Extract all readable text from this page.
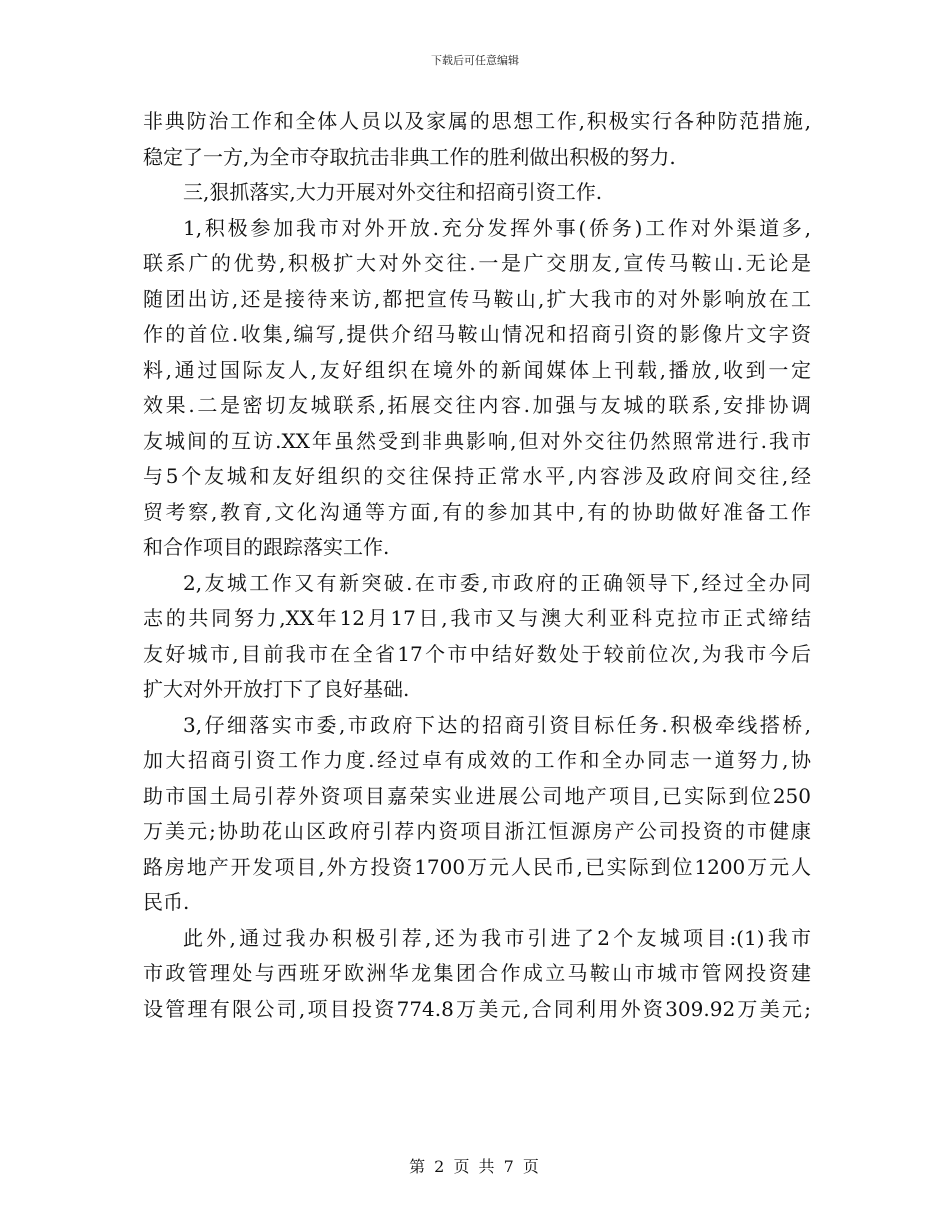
下载后可任意编辑
非典防治工作和全体人员以及家属的思想工作,积极实行各种防范措施,
稳定了一方,为全市夺取抗击非典工作的胜利做出积极的努力.
三,狠抓落实,大力开展对外交往和招商引资工作.
1,积极参加我市对外开放.充分发挥外事(侨务)工作对外渠道多,
联系广的优势,积极扩大对外交往.一是广交朋友,宣传马鞍山.无论是
随团出访,还是接待来访,都把宣传马鞍山,扩大我市的对外影响放在工
作的首位.收集,编写,提供介绍马鞍山情况和招商引资的影像片文字资
料,通过国际友人,友好组织在境外的新闻媒体上刊载,播放,收到一定
效果.二是密切友城联系,拓展交往内容.加强与友城的联系,安排协调
友城间的互访.XX年虽然受到非典影响,但对外交往仍然照常进行.我市
与5个友城和友好组织的交往保持正常水平,内容涉及政府间交往,经
贸考察,教育,文化沟通等方面,有的参加其中,有的协助做好准备工作
和合作项目的跟踪落实工作.
2,友城工作又有新突破.在市委,市政府的正确领导下,经过全办同
志的共同努力,XX年12月17日,我市又与澳大利亚科克拉市正式缔结
友好城市,目前我市在全省17个市中结好数处于较前位次,为我市今后
扩大对外开放打下了良好基础.
3,仔细落实市委,市政府下达的招商引资目标任务.积极牵线搭桥,
加大招商引资工作力度.经过卓有成效的工作和全办同志一道努力,协
助市国土局引荐外资项目嘉荣实业进展公司地产项目,已实际到位250
万美元;协助花山区政府引荐内资项目浙江恒源房产公司投资的市健康
路房地产开发项目,外方投资1700万元人民币,已实际到位1200万元人
民币.
此外,通过我办积极引荐,还为我市引进了2个友城项目:(1)我市
市政管理处与西班牙欧洲华龙集团合作成立马鞍山市城市管网投资建
设管理有限公司,项目投资774.8万美元,合同利用外资309.92万美元;
第 2 页 共 7 页
